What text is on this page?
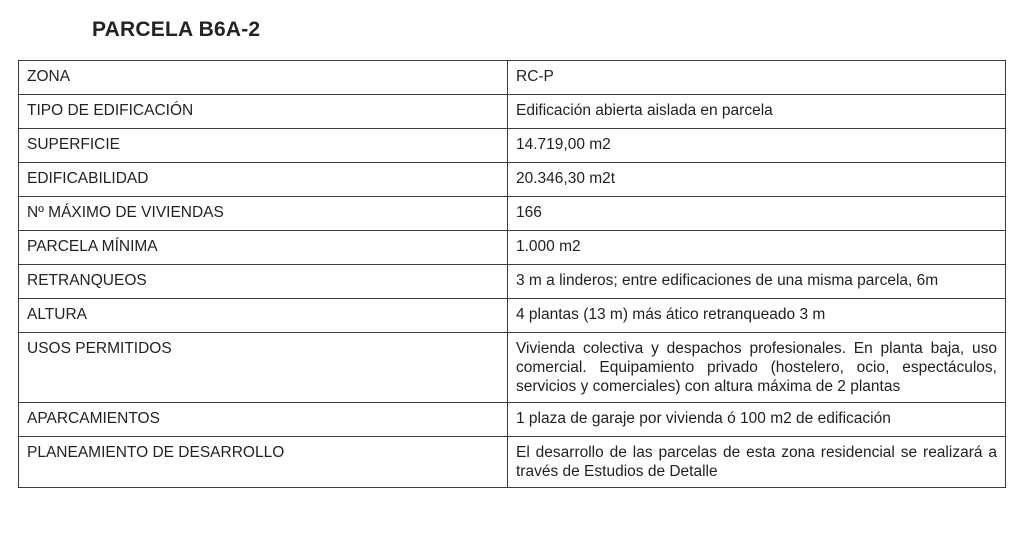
PARCELA B6A-2
ZONA	RC-P
TIPO DE EDIFICACIÓN	Edificación abierta aislada en parcela
SUPERFICIE	14.719,00 m2
EDIFICABILIDAD	20.346,30 m2t
Nº MÁXIMO DE VIVIENDAS	166
PARCELA MÍNIMA	1.000 m2
RETRANQUEOS	3 m a linderos; entre edificaciones de una misma parcela, 6m
ALTURA	4 plantas (13 m) más ático retranqueado 3 m
USOS PERMITIDOS	Vivienda colectiva y despachos profesionales. En planta baja, uso comercial. Equipamiento privado (hostelero, ocio, espectáculos, servicios y comerciales) con altura máxima de 2 plantas
APARCAMIENTOS	1 plaza de garaje por vivienda ó 100 m2 de edificación
PLANEAMIENTO DE DESARROLLO	El desarrollo de las parcelas de esta zona residencial se realizará a través de Estudios de Detalle
